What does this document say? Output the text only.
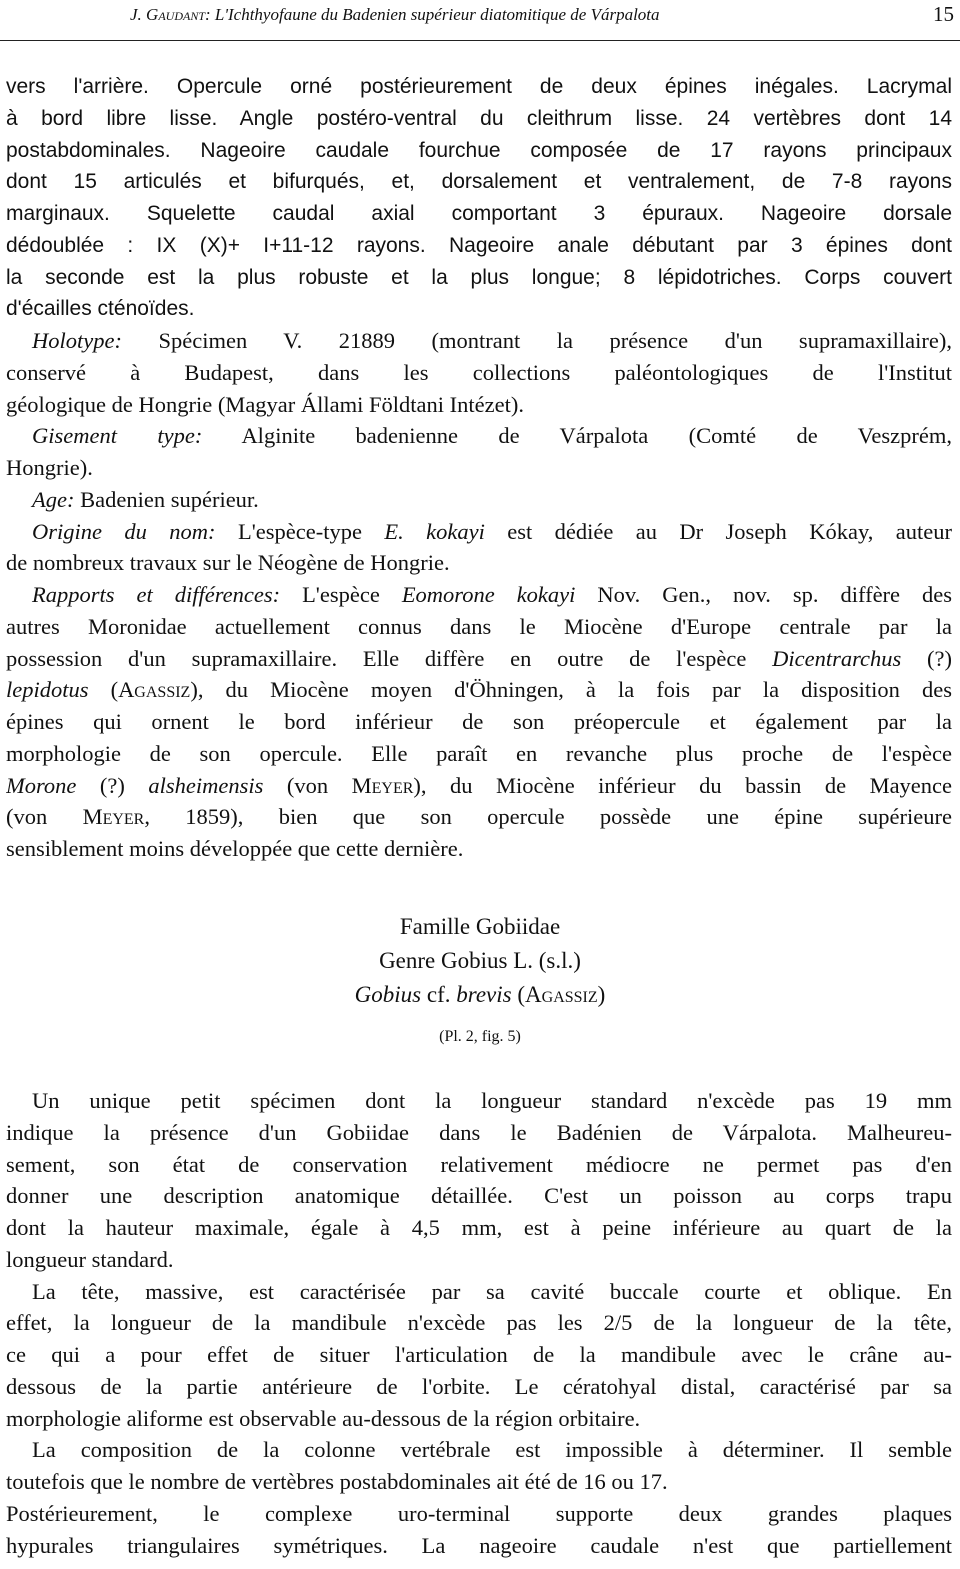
J. Gaudant: L'Ichthyofaune du Badenien supérieur diatomitique de Várpalota	15
vers l'arrière. Opercule orné postérieurement de deux épines inégales. Lacrymal
à bord libre lisse. Angle postéro-ventral du cleithrum lisse. 24 vertèbres dont 14
postabdominales. Nageoire caudale fourchue composée de 17 rayons principaux
dont 15 articulés et bifurqués, et, dorsalement et ventralement, de 7-8 rayons
marginaux. Squelette caudal axial comportant 3 épuraux. Nageoire dorsale
dédoublée : IX (X)+ I+11-12 rayons. Nageoire anale débutant par 3 épines dont
la seconde est la plus robuste et la plus longue; 8 lépidotriches. Corps couvert
d'écailles cténoïdes.
Holotype: Spécimen V. 21889 (montrant la présence d'un supramaxillaire),
conservé à Budapest, dans les collections paléontologiques de l'Institut
géologique de Hongrie (Magyar Állami Földtani Intézet).
Gisement type: Alginite badenienne de Várpalota (Comté de Veszprém,
Hongrie).
Age: Badenien supérieur.
Origine du nom: L'espèce-type E. kokayi est dédiée au Dr Joseph Kókay, auteur
de nombreux travaux sur le Néogène de Hongrie.
Rapports et différences: L'espèce Eomorone kokayi Nov. Gen., nov. sp. diffère des
autres Moronidae actuellement connus dans le Miocène d'Europe centrale par la
possession d'un supramaxillaire. Elle diffère en outre de l'espèce Dicentrarchus (?)
lepidotus (Agassiz), du Miocène moyen d'Öhningen, à la fois par la disposition des
épines qui ornent le bord inférieur de son préopercule et également par la
morphologie de son opercule. Elle paraît en revanche plus proche de l'espèce
Morone (?) alsheimensis (von Meyer), du Miocène inférieur du bassin de Mayence
(von Meyer, 1859), bien que son opercule possède une épine supérieure
sensiblement moins développée que cette dernière.
Famille Gobiidae
Genre Gobius L. (s.l.)
Gobius cf. brevis (Agassiz)
(Pl. 2, fig. 5)
Un unique petit spécimen dont la longueur standard n'excède pas 19 mm
indique la présence d'un Gobiidae dans le Badénien de Várpalota. Malheureu-
sement, son état de conservation relativement médiocre ne permet pas d'en
donner une description anatomique détaillée. C'est un poisson au corps trapu
dont la hauteur maximale, égale à 4,5 mm, est à peine inférieure au quart de la
longueur standard.
La tête, massive, est caractérisée par sa cavité buccale courte et oblique. En
effet, la longueur de la mandibule n'excède pas les 2/5 de la longueur de la tête,
ce qui a pour effet de situer l'articulation de la mandibule avec le crâne au-
dessous de la partie antérieure de l'orbite. Le cératohyal distal, caractérisé par sa
morphologie aliforme est observable au-dessous de la région orbitaire.
La composition de la colonne vertébrale est impossible à déterminer. Il semble
toutefois que le nombre de vertèbres postabdominales ait été de 16 ou 17.
Postérieurement, le complexe uro-terminal supporte deux grandes plaques
hypurales triangulaires symétriques. La nageoire caudale n'est que partiellement
